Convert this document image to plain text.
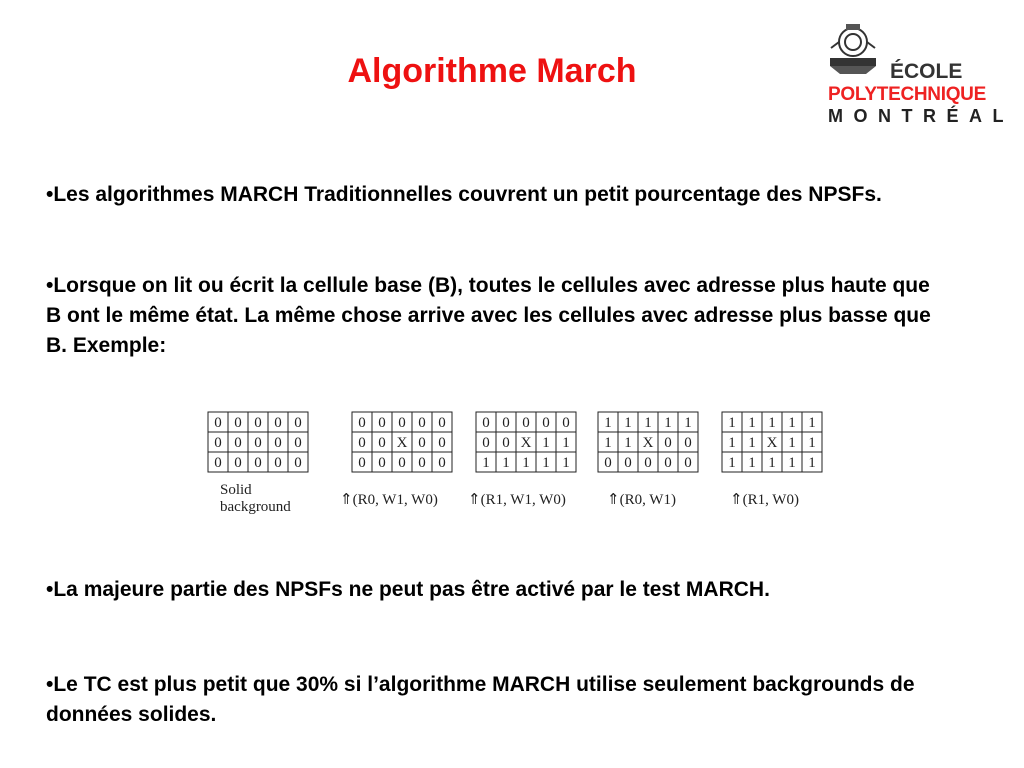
Algorithme March	ÉCOLE
POLYTECHNIQUE
MONTRÉAL

•Les algorithmes MARCH Traditionnelles couvrent un petit pourcentage des NPSFs.

•Lorsque on lit ou écrit la cellule base (B), toutes le cellules avec adresse plus haute que B ont le même état. La même chose arrive avec les cellules avec adresse plus basse que B. Exemple:

•La majeure partie des NPSFs ne peut pas être activé par le test MARCH.

•Le TC est plus petit que 30% si l’algorithme MARCH utilise seulement backgrounds de données solides.

0 0 0 0 0
0 0 0 0 0
0 0 0 0 0
Solid
background
0 0 0 0 0
0 0 X 0 0
0 0 0 0 0
⇑(R0, W1, W0)
0 0 0 0 0
0 0 X 1 1
1 1 1 1 1
⇑(R1, W1, W0)
1 1 1 1 1
1 1 X 0 0
0 0 0 0 0
⇑(R0, W1)
1 1 1 1 1
1 1 X 1 1
1 1 1 1 1
⇑(R1, W0)
